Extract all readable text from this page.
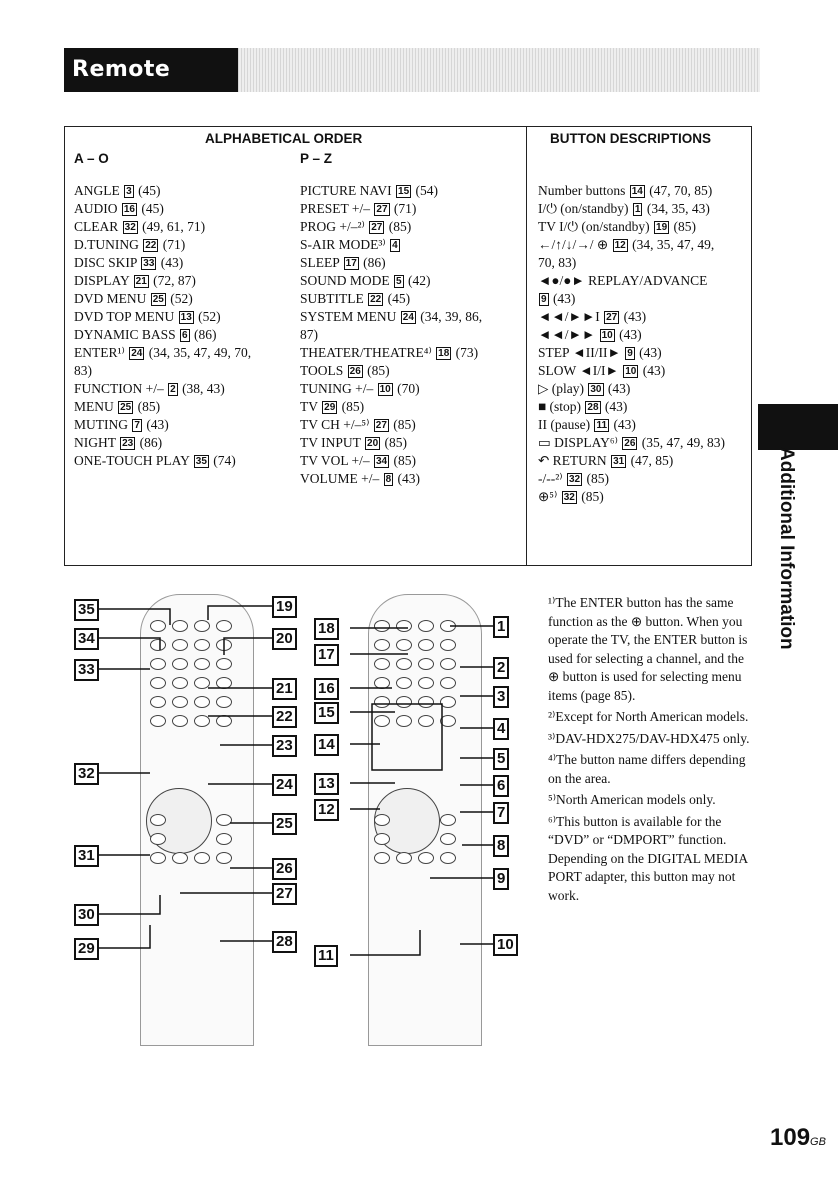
Remote control
ALPHABETICAL ORDER	BUTTON DESCRIPTIONS
A – O	P – Z
ANGLE 3 (45)
AUDIO 16 (45)
CLEAR 32 (49, 61, 71)
D.TUNING 22 (71)
DISC SKIP 33 (43)
DISPLAY 21 (72, 87)
DVD MENU 25 (52)
DVD TOP MENU 13 (52)
DYNAMIC BASS 6 (86)
ENTER¹⁾ 24 (34, 35, 47, 49, 70,
83)
FUNCTION +/– 2 (38, 43)
MENU 25 (85)
MUTING 7 (43)
NIGHT 23 (86)
ONE-TOUCH PLAY 35 (74)
PICTURE NAVI 15 (54)
PRESET +/– 27 (71)
PROG +/–²⁾ 27 (85)
S-AIR MODE³⁾ 4
SLEEP 17 (86)
SOUND MODE 5 (42)
SUBTITLE 22 (45)
SYSTEM MENU 24 (34, 39, 86,
87)
THEATER/THEATRE⁴⁾ 18 (73)
TOOLS 26 (85)
TUNING +/– 10 (70)
TV 29 (85)
TV CH +/–⁵⁾ 27 (85)
TV INPUT 20 (85)
TV VOL +/– 34 (85)
VOLUME +/– 8 (43)
Number buttons 14 (47, 70, 85)
I/⏻ (on/standby) 1 (34, 35, 43)
TV I/⏻ (on/standby) 19 (85)
←/↑/↓/→/ ⊕ 12 (34, 35, 47, 49,
70, 83)
◄●/●► REPLAY/ADVANCE
9 (43)
◄◄/►►I 27 (43)
◄◄/►► 10 (43)
STEP ◄II/II► 9 (43)
SLOW ◄I/I► 10 (43)
▷ (play) 30 (43)
■ (stop) 28 (43)
II (pause) 11 (43)
▭ DISPLAY⁶⁾ 26 (35, 47, 49, 83)
↶ RETURN 31 (47, 85)
-/--²⁾ 32 (85)
⊕⁵⁾ 32 (85)
35
34
33
32
31
30
29
19
20
21
22
23
24
25
26
27
28
18
17
16
15
14
13
12
11
1
2
3
4
5
6
7
8
9
10

¹⁾The ENTER button has the same function as the ⊕ button. When you operate the TV, the ENTER button is used for selecting a channel, and the ⊕ button is used for selecting menu items (page 85).

²⁾Except for North American models.

³⁾DAV-HDX275/DAV-HDX475 only.

⁴⁾The button name differs depending on the area.

⁵⁾North American models only.

⁶⁾This button is available for the “DVD” or “DMPORT” function. Depending on the DIGITAL MEDIA PORT adapter, this button may not work.

Additional Information
109GB
